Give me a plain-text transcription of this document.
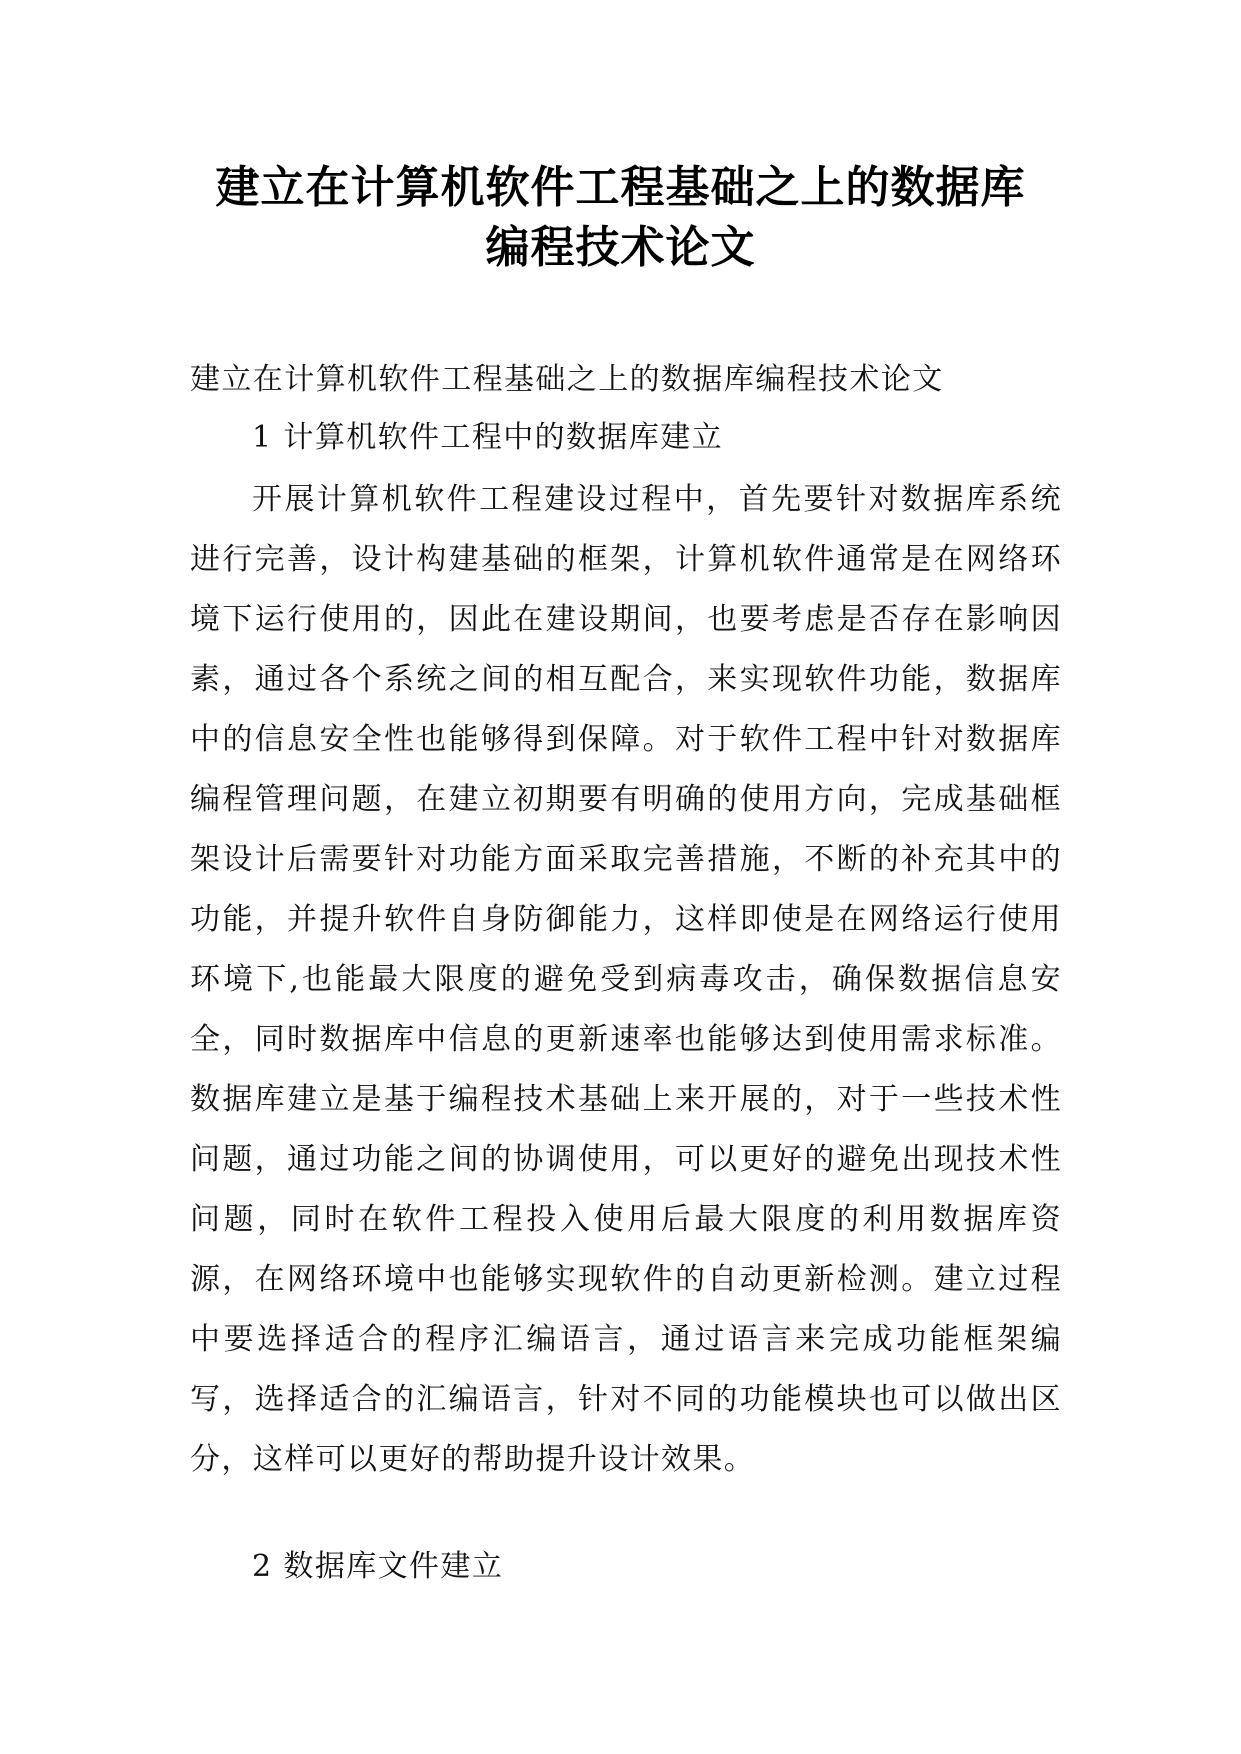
建立在计算机软件工程基础之上的数据库
编程技术论文

建立在计算机软件工程基础之上的数据库编程技术论文

1 计算机软件工程中的数据库建立

开展计算机软件工程建设过程中，首先要针对数据库系统进行完善，设计构建基础的框架，计算机软件通常是在网络环境下运行使用的，因此在建设期间，也要考虑是否存在影响因素，通过各个系统之间的相互配合，来实现软件功能，数据库中的信息安全性也能够得到保障。对于软件工程中针对数据库编程管理问题，在建立初期要有明确的使用方向，完成基础框架设计后需要针对功能方面采取完善措施，不断的补充其中的功能，并提升软件自身防御能力，这样即使是在网络运行使用环境下,也能最大限度的避免受到病毒攻击，确保数据信息安全，同时数据库中信息的更新速率也能够达到使用需求标准。数据库建立是基于编程技术基础上来开展的，对于一些技术性问题，通过功能之间的协调使用，可以更好的避免出现技术性问题，同时在软件工程投入使用后最大限度的利用数据库资源，在网络环境中也能够实现软件的自动更新检测。建立过程中要选择适合的程序汇编语言，通过语言来完成功能框架编写，选择适合的汇编语言，针对不同的功能模块也可以做出区分，这样可以更好的帮助提升设计效果。

2 数据库文件建立
